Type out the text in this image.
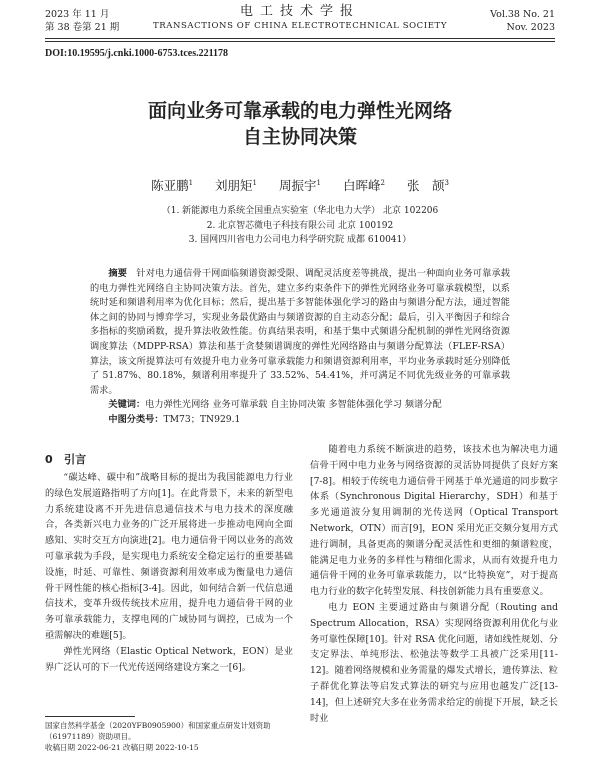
2023 年 11 月
第 38 卷第 21 期
电工技术学报
TRANSACTIONS OF CHINA ELECTROTECHNICAL SOCIETY
Vol.38 No. 21
Nov. 2023
DOI:10.19595/j.cnki.1000-6753.tces.221178
面向业务可靠承载的电力弹性光网络
自主协同决策
陈亚鹏$^1$ 刘朋矩$^1$ 周振宇$^1$ 白晖峰$^2$ 张　颉$^3$
（1. 新能源电力系统全国重点实验室（华北电力大学） 北京 102206
2. 北京智芯微电子科技有限公司 北京 100192
3. 国网四川省电力公司电力科学研究院 成都 610041）

摘要　 针对电力通信骨干网面临频谱资源受限、调配灵活度差等挑战，提出一种面向业务可靠承载的电力弹性光网络自主协同决策方法。首先，建立多约束条件下的弹性光网络业务可靠承载模型，以系统时延和频谱利用率为优化目标；然后，提出基于多智能体强化学习的路由与频谱分配方法，通过智能体之间的协同与博弈学习，实现业务最优路由与频谱资源的自主动态分配；最后，引入平衡因子和综合多指标的奖励函数，提升算法收敛性能。仿真结果表明，和基于集中式频谱分配机制的弹性光网络资源调度算法（MDPP-RSA）算法和基于贪婪频谱调度的弹性光网络路由与频谱分配算法（FLEF-RSA）算法，该文所提算法可有效提升电力业务可靠承载能力和频谱资源利用率，平均业务承载时延分别降低了 51.87%、80.18%，频谱利用率提升了 33.52%、54.41%，并可满足不同优先级业务的可靠承载需求。

关键词：电力弹性光网络 业务可靠承载 自主协同决策 多智能体强化学习 频谱分配

中图分类号：TM73；TN929.1

0 引言

“碳达峰、碳中和”战略目标的提出为我国能源电力行业的绿色发展道路指明了方向[1]。在此背景下，未来的新型电力系统建设离不开先进信息通信技术与电力技术的深度融合，各类新兴电力业务的广泛开展将进一步推动电网向全面感知、实时交互方向演进[2]。电力通信骨干网以业务的高效可靠承载为手段，是实现电力系统安全稳定运行的重要基础设施，时延、可靠性、频谱资源利用效率成为衡量电力通信骨干网性能的核心指标[3-4]。因此，如何结合新一代信息通信技术，变革升级传统技术应用，提升电力通信骨干网的业务可靠承载能力，支撑电网的广域协同与调控，已成为一个亟需解决的难题[5]。

弹性光网络（Elastic Optical Network，EON）是业界广泛认可的下一代光传送网络建设方案之一[6]。

随着电力系统不断演进的趋势，该技术也为解决电力通信骨干网中电力业务与网络资源的灵活协同提供了良好方案[7-8]。相较于传统电力通信骨干网基于单光通道的同步数字体系（Synchronous Digital Hierarchy，SDH）和基于多光通道波分复用调制的光传送网（Optical Transport Network，OTN）而言[9]，EON 采用光正交频分复用方式进行调制，具备更高的频谱分配灵活性和更细的频谱粒度，能满足电力业务的多样性与精细化需求，从而有效提升电力通信骨干网的业务可靠承载能力，以“比特换宽”，对于提高电力行业的数字化转型发展、科技创新能力具有重要意义。

电力 EON 主要通过路由与频谱分配（Routing and Spectrum Allocation，RSA）实现网络资源利用优化与业务可靠性保障[10]。针对 RSA 优化问题，诸如线性规划、分支定界法、单纯形法、松弛法等数学工具被广泛采用[11-12]。随着网络规模和业务需量的爆发式增长，遗传算法、粒子群优化算法等启发式算法的研究与应用也越发广泛[13-14]，但上述研究大多在业务需求给定的前提下开展，缺乏长时业

国家自然科学基金（2020YFB0905900）和国家重点研发计划资助
（61971189）资助项目。
收稿日期 2022-06-21 改稿日期 2022-10-15
